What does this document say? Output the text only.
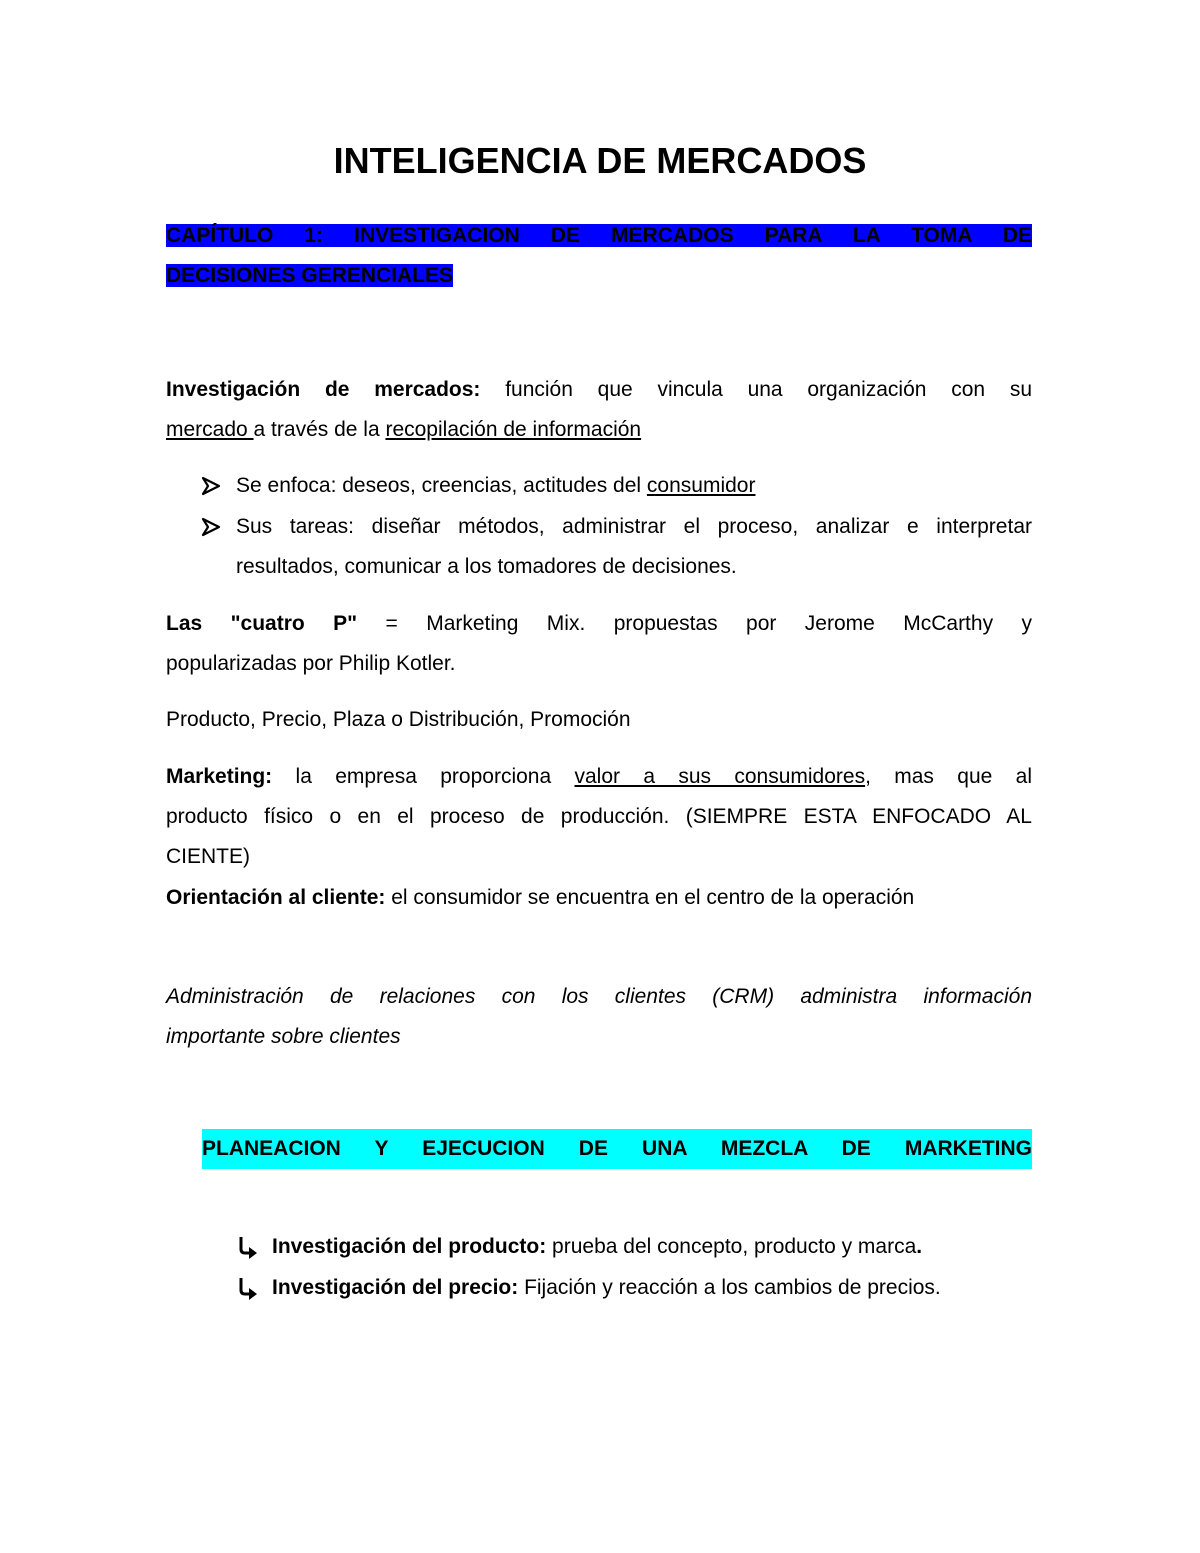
INTELIGENCIA DE MERCADOS
CAPÍTULO 1: INVESTIGACION DE MERCADOS PARA LA TOMA DE
DECISIONES GERENCIALES
Investigación de mercados: función que vincula una organización con su
mercado a través de la recopilación de información
Se enfoca: deseos, creencias, actitudes del consumidor
Sus tareas: diseñar métodos, administrar el proceso, analizar e interpretar
resultados, comunicar a los tomadores de decisiones.
Las "cuatro P" = Marketing Mix. propuestas por Jerome McCarthy y
popularizadas por Philip Kotler.
Producto, Precio, Plaza o Distribución, Promoción
Marketing: la empresa proporciona valor a sus consumidores, mas que al
producto físico o en el proceso de producción. (SIEMPRE ESTA ENFOCADO AL
CIENTE)
Orientación al cliente: el consumidor se encuentra en el centro de la operación
Administración de relaciones con los clientes (CRM) administra información
importante sobre clientes
PLANEACION Y EJECUCION DE UNA MEZCLA DE MARKETING
Investigación del producto: prueba del concepto, producto y marca.
Investigación del precio: Fijación y reacción a los cambios de precios.
